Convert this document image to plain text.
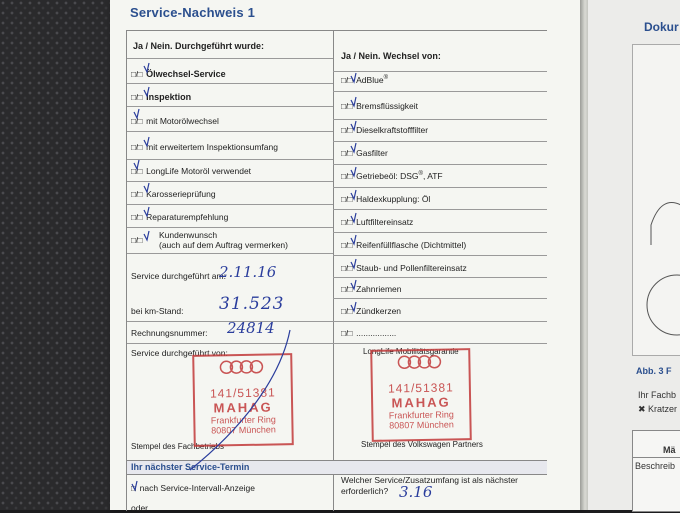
Service-Nachweis 1
Ja / Nein. Durchgeführt wurde:
Ja / Nein. Wechsel von:
□/□ Ölwechsel-Service
□/□ Inspektion
□/□ mit Motorölwechsel
□/□ mit erweitertem Inspektionsumfang
□/□ LongLife Motoröl verwendet
□/□ Karosserieprüfung
□/□ Reparaturempfehlung
□/□	Kundenwunsch
(auch auf dem Auftrag vermerken)
Service durchgeführt am:
2.11.16
bei km-Stand: 31.523
Rechnungsnummer: 24814
Service durchgeführt von:
Stempel des Fachbetriebs
□/□ AdBlue®
□/□ Bremsflüssigkeit
□/□ Dieselkraftstofffilter
□/□ Gasfilter
□/□ Getriebeöl: DSG®, ATF
□/□ Haldexkupplung: Öl
□/□ Luftfiltereinsatz
□/□ Reifenfüllflasche (Dichtmittel)
□/□ Staub- und Pollenfiltereinsatz
□/□ Zahnriemen
□/□ Zündkerzen
□/□ .................
LongLife Mobilitätsgarantie
Stempel des Volkswagen Partners
141/51381
MAHAG
Frankfurter Ring
80807 München
141/51381
MAHAG
Frankfurter Ring
80807 München
Ihr nächster Service-Termin
□ nach Service-Intervall-Anzeige
oder
Welcher Service/Zusatzumfang ist als nächster
erforderlich? 3.16
Dokur
Abb. 3 F
Ihr Fachb
✖ Kratzer
Mä
Beschreib
